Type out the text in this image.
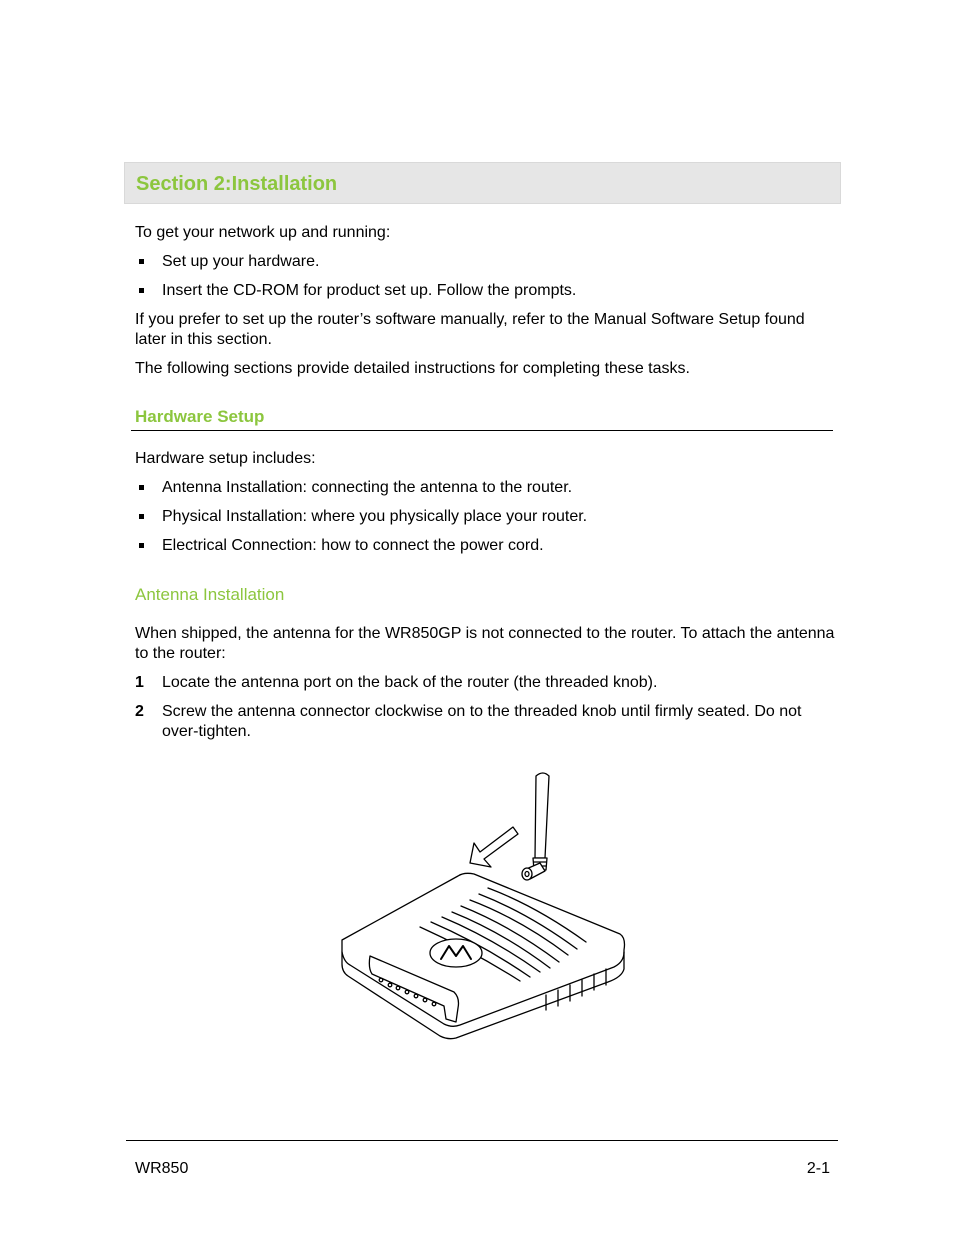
Section 2:Installation
To get your network up and running:
Set up your hardware.
Insert the CD-ROM for product set up. Follow the prompts.
If you prefer to set up the router’s software manually, refer to the Manual Software Setup found later in this section.
The following sections provide detailed instructions for completing these tasks.
Hardware Setup
Hardware setup includes:
Antenna Installation: connecting the antenna to the router.
Physical Installation: where you physically place your router.
Electrical Connection: how to connect the power cord.
Antenna Installation
When shipped, the antenna for the WR850GP is not connected to the router. To attach the antenna to the router:
1 Locate the antenna port on the back of the router (the threaded knob).
2 Screw the antenna connector clockwise on to the threaded knob until firmly seated. Do not over-tighten.
WR850	2-1
